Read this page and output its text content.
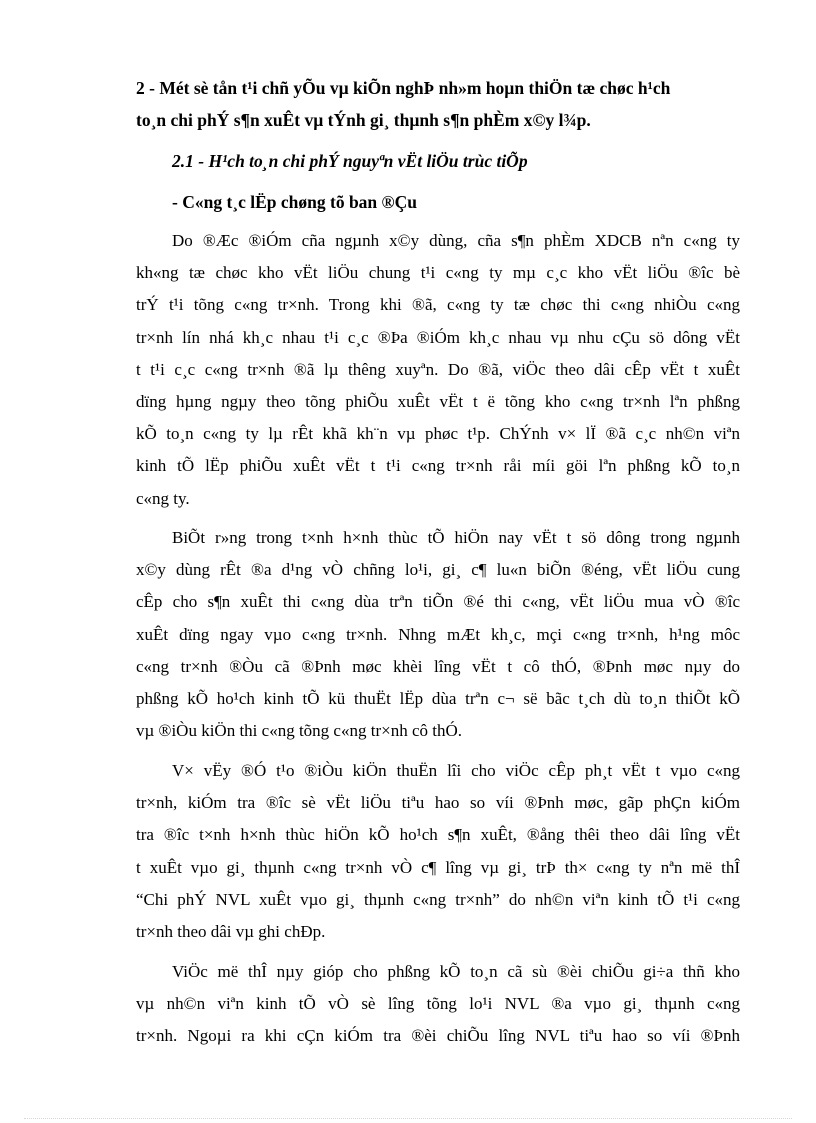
2 - Mét sè tån t¹i chñ yÕu vµ kiÕn nghÞ nh»m hoµn thiÖn tæ chøc h¹ch

to¸n chi phÝ s¶n xuÊt vµ tÝnh gi¸ thµnh s¶n phÈm x©y l¾p.

2.1 - H¹ch to¸n chi phÝ nguyªn vËt liÖu trùc tiÕp

- C«ng t¸c lËp chøng tõ ban ®Çu

Do ®Æc ®iÓm cña ngµnh x©y dùng, cña s¶n phÈm XDCB nªn c«ng ty
kh«ng tæ chøc kho vËt liÖu chung t¹i c«ng ty mµ c¸c kho vËt liÖu ®îc bè
trÝ t¹i tõng c«ng tr×nh. Trong khi ®ã, c«ng ty tæ chøc thi c«ng nhiÒu c«ng
tr×nh lín nhá kh¸c nhau t¹i c¸c ®Þa ®iÓm kh¸c nhau vµ nhu cÇu sö dông vËt
t t¹i c¸c c«ng tr×nh ®ã lµ thêng xuyªn. Do ®ã, viÖc theo dâi cÊp vËt t xuÊt
dïng hµng ngµy theo tõng phiÕu xuÊt vËt t ë tõng kho c«ng tr×nh lªn phßng
kÕ to¸n c«ng ty lµ rÊt khã kh¨n vµ phøc t¹p. ChÝnh v× lÏ ®ã c¸c nh©n viªn
kinh tÕ lËp phiÕu xuÊt vËt t t¹i c«ng tr×nh råi míi göi lªn phßng kÕ to¸n
c«ng ty.
BiÕt r»ng trong t×nh h×nh thùc tÕ hiÖn nay vËt t sö dông trong ngµnh
x©y dùng rÊt ®a d¹ng vÒ chñng lo¹i, gi¸ c¶ lu«n biÕn ®éng, vËt liÖu cung
cÊp cho s¶n xuÊt thi c«ng dùa trªn tiÕn ®é thi c«ng, vËt liÖu mua vÒ ®îc
xuÊt dïng ngay vµo c«ng tr×nh. Nhng mÆt kh¸c, mçi c«ng tr×nh, h¹ng môc
c«ng tr×nh ®Òu cã ®Þnh møc khèi lîng vËt t cô thÓ, ®Þnh møc nµy do
phßng kÕ ho¹ch kinh tÕ kü thuËt lËp dùa trªn c¬ së bãc t¸ch dù to¸n thiÕt kÕ
vµ ®iÒu kiÖn thi c«ng tõng c«ng tr×nh cô thÓ.
V× vËy ®Ó t¹o ®iÒu kiÖn thuËn lîi cho viÖc cÊp ph¸t vËt t vµo c«ng
tr×nh, kiÓm tra ®îc sè vËt liÖu tiªu hao so víi ®Þnh møc, gãp phÇn kiÓm
tra ®îc t×nh h×nh thùc hiÖn kÕ ho¹ch s¶n xuÊt, ®ång thêi theo dâi lîng vËt
t xuÊt vµo gi¸ thµnh c«ng tr×nh vÒ c¶ lîng vµ gi¸ trÞ th× c«ng ty nªn më thÎ
“Chi phÝ NVL xuÊt vµo gi¸ thµnh c«ng tr×nh” do nh©n viªn kinh tÕ t¹i c«ng
tr×nh theo dâi vµ ghi chÐp.
ViÖc më thÎ nµy gióp cho phßng kÕ to¸n cã sù ®èi chiÕu gi÷a thñ kho
vµ nh©n viªn kinh tÕ vÒ sè lîng tõng lo¹i NVL ®a vµo gi¸ thµnh c«ng
tr×nh. Ngoµi ra khi cÇn kiÓm tra ®èi chiÕu lîng NVL tiªu hao so víi ®Þnh
